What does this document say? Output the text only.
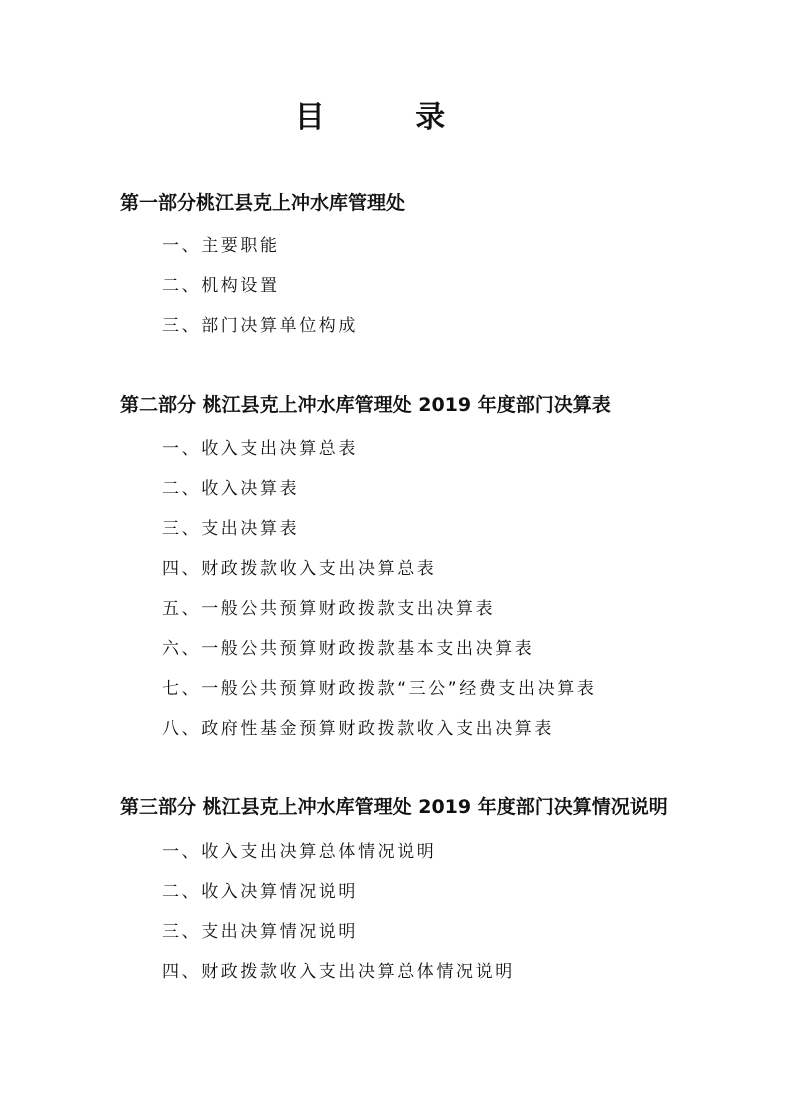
目 录
第一部分桃江县克上冲水库管理处
一、主要职能
二、机构设置
三、部门决算单位构成
第二部分 桃江县克上冲水库管理处 2019 年度部门决算表
一、收入支出决算总表
二、收入决算表
三、支出决算表
四、财政拨款收入支出决算总表
五、一般公共预算财政拨款支出决算表
六、一般公共预算财政拨款基本支出决算表
七、一般公共预算财政拨款“三公”经费支出决算表
八、政府性基金预算财政拨款收入支出决算表
第三部分 桃江县克上冲水库管理处 2019 年度部门决算情况说明
一、收入支出决算总体情况说明
二、收入决算情况说明
三、支出决算情况说明
四、财政拨款收入支出决算总体情况说明
